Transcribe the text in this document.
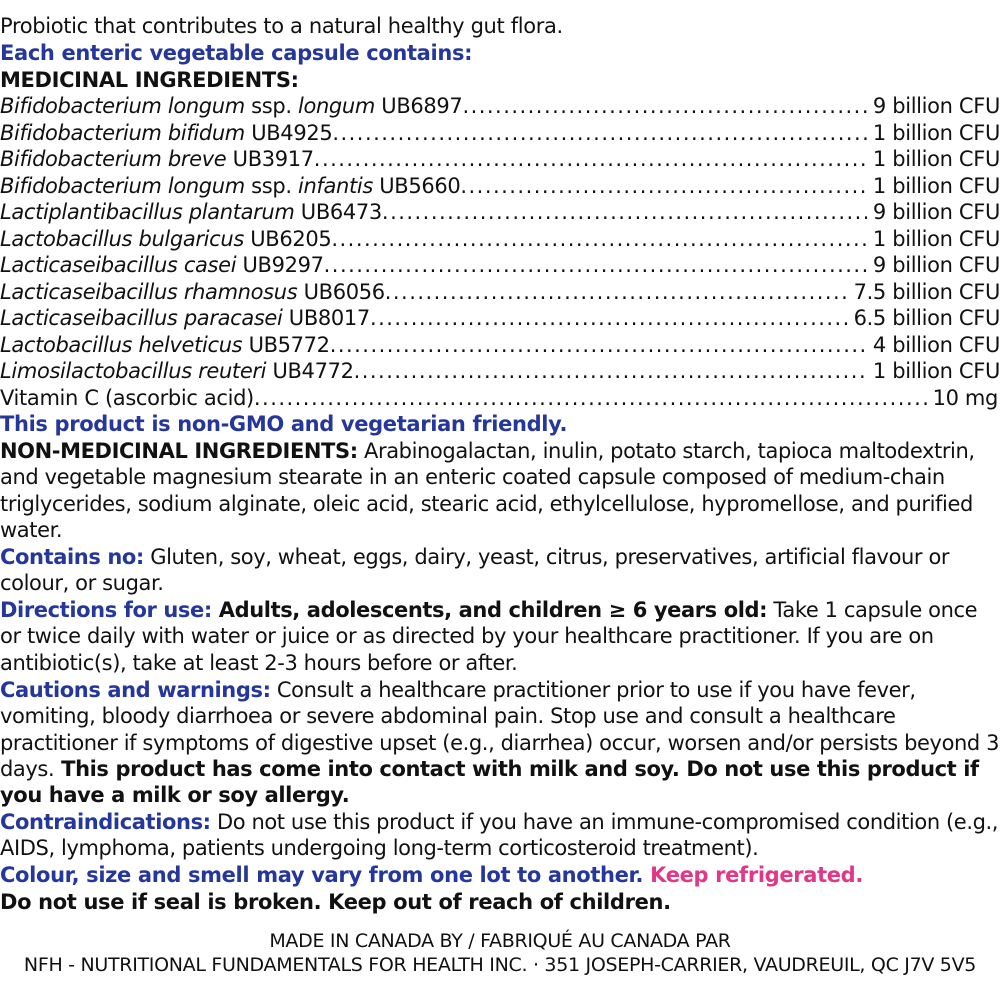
Probiotic that contributes to a natural healthy gut flora.
Each enteric vegetable capsule contains:
MEDICINAL INGREDIENTS:
Bifidobacterium longum ssp. longum UB6897 . . .	9 billion CFU
Bifidobacterium bifidum UB4925 . . .	1 billion CFU
Bifidobacterium breve UB3917 . . .	1 billion CFU
Bifidobacterium longum ssp. infantis UB5660 . . .	1 billion CFU
Lactiplantibacillus plantarum UB6473 . . .	9 billion CFU
Lactobacillus bulgaricus UB6205 . . .	1 billion CFU
Lacticaseibacillus casei UB9297 . . .	9 billion CFU
Lacticaseibacillus rhamnosus UB6056 . . .	7.5 billion CFU
Lacticaseibacillus paracasei UB8017 . . .	6.5 billion CFU
Lactobacillus helveticus UB5772 . . .	4 billion CFU
Limosilactobacillus reuteri UB4772 . . .	1 billion CFU
Vitamin C (ascorbic acid) . . .	10 mg
This product is non-GMO and vegetarian friendly.
NON-MEDICINAL INGREDIENTS: Arabinogalactan, inulin, potato starch, tapioca maltodextrin, and vegetable magnesium stearate in an enteric coated capsule composed of medium-chain triglycerides, sodium alginate, oleic acid, stearic acid, ethylcellulose, hypromellose, and purified water.
Contains no: Gluten, soy, wheat, eggs, dairy, yeast, citrus, preservatives, artificial flavour or colour, or sugar.
Directions for use: Adults, adolescents, and children ≥ 6 years old: Take 1 capsule once or twice daily with water or juice or as directed by your healthcare practitioner. If you are on antibiotic(s), take at least 2-3 hours before or after.
Cautions and warnings: Consult a healthcare practitioner prior to use if you have fever, vomiting, bloody diarrhoea or severe abdominal pain. Stop use and consult a healthcare practitioner if symptoms of digestive upset (e.g., diarrhea) occur, worsen and/or persists beyond 3 days. This product has come into contact with milk and soy. Do not use this product if you have a milk or soy allergy.
Contraindications: Do not use this product if you have an immune-compromised condition (e.g., AIDS, lymphoma, patients undergoing long-term corticosteroid treatment).
Colour, size and smell may vary from one lot to another. Keep refrigerated.
Do not use if seal is broken. Keep out of reach of children.
MADE IN CANADA BY / FABRIQUÉ AU CANADA PAR
NFH - NUTRITIONAL FUNDAMENTALS FOR HEALTH INC. · 351 JOSEPH-CARRIER, VAUDREUIL, QC J7V 5V5
